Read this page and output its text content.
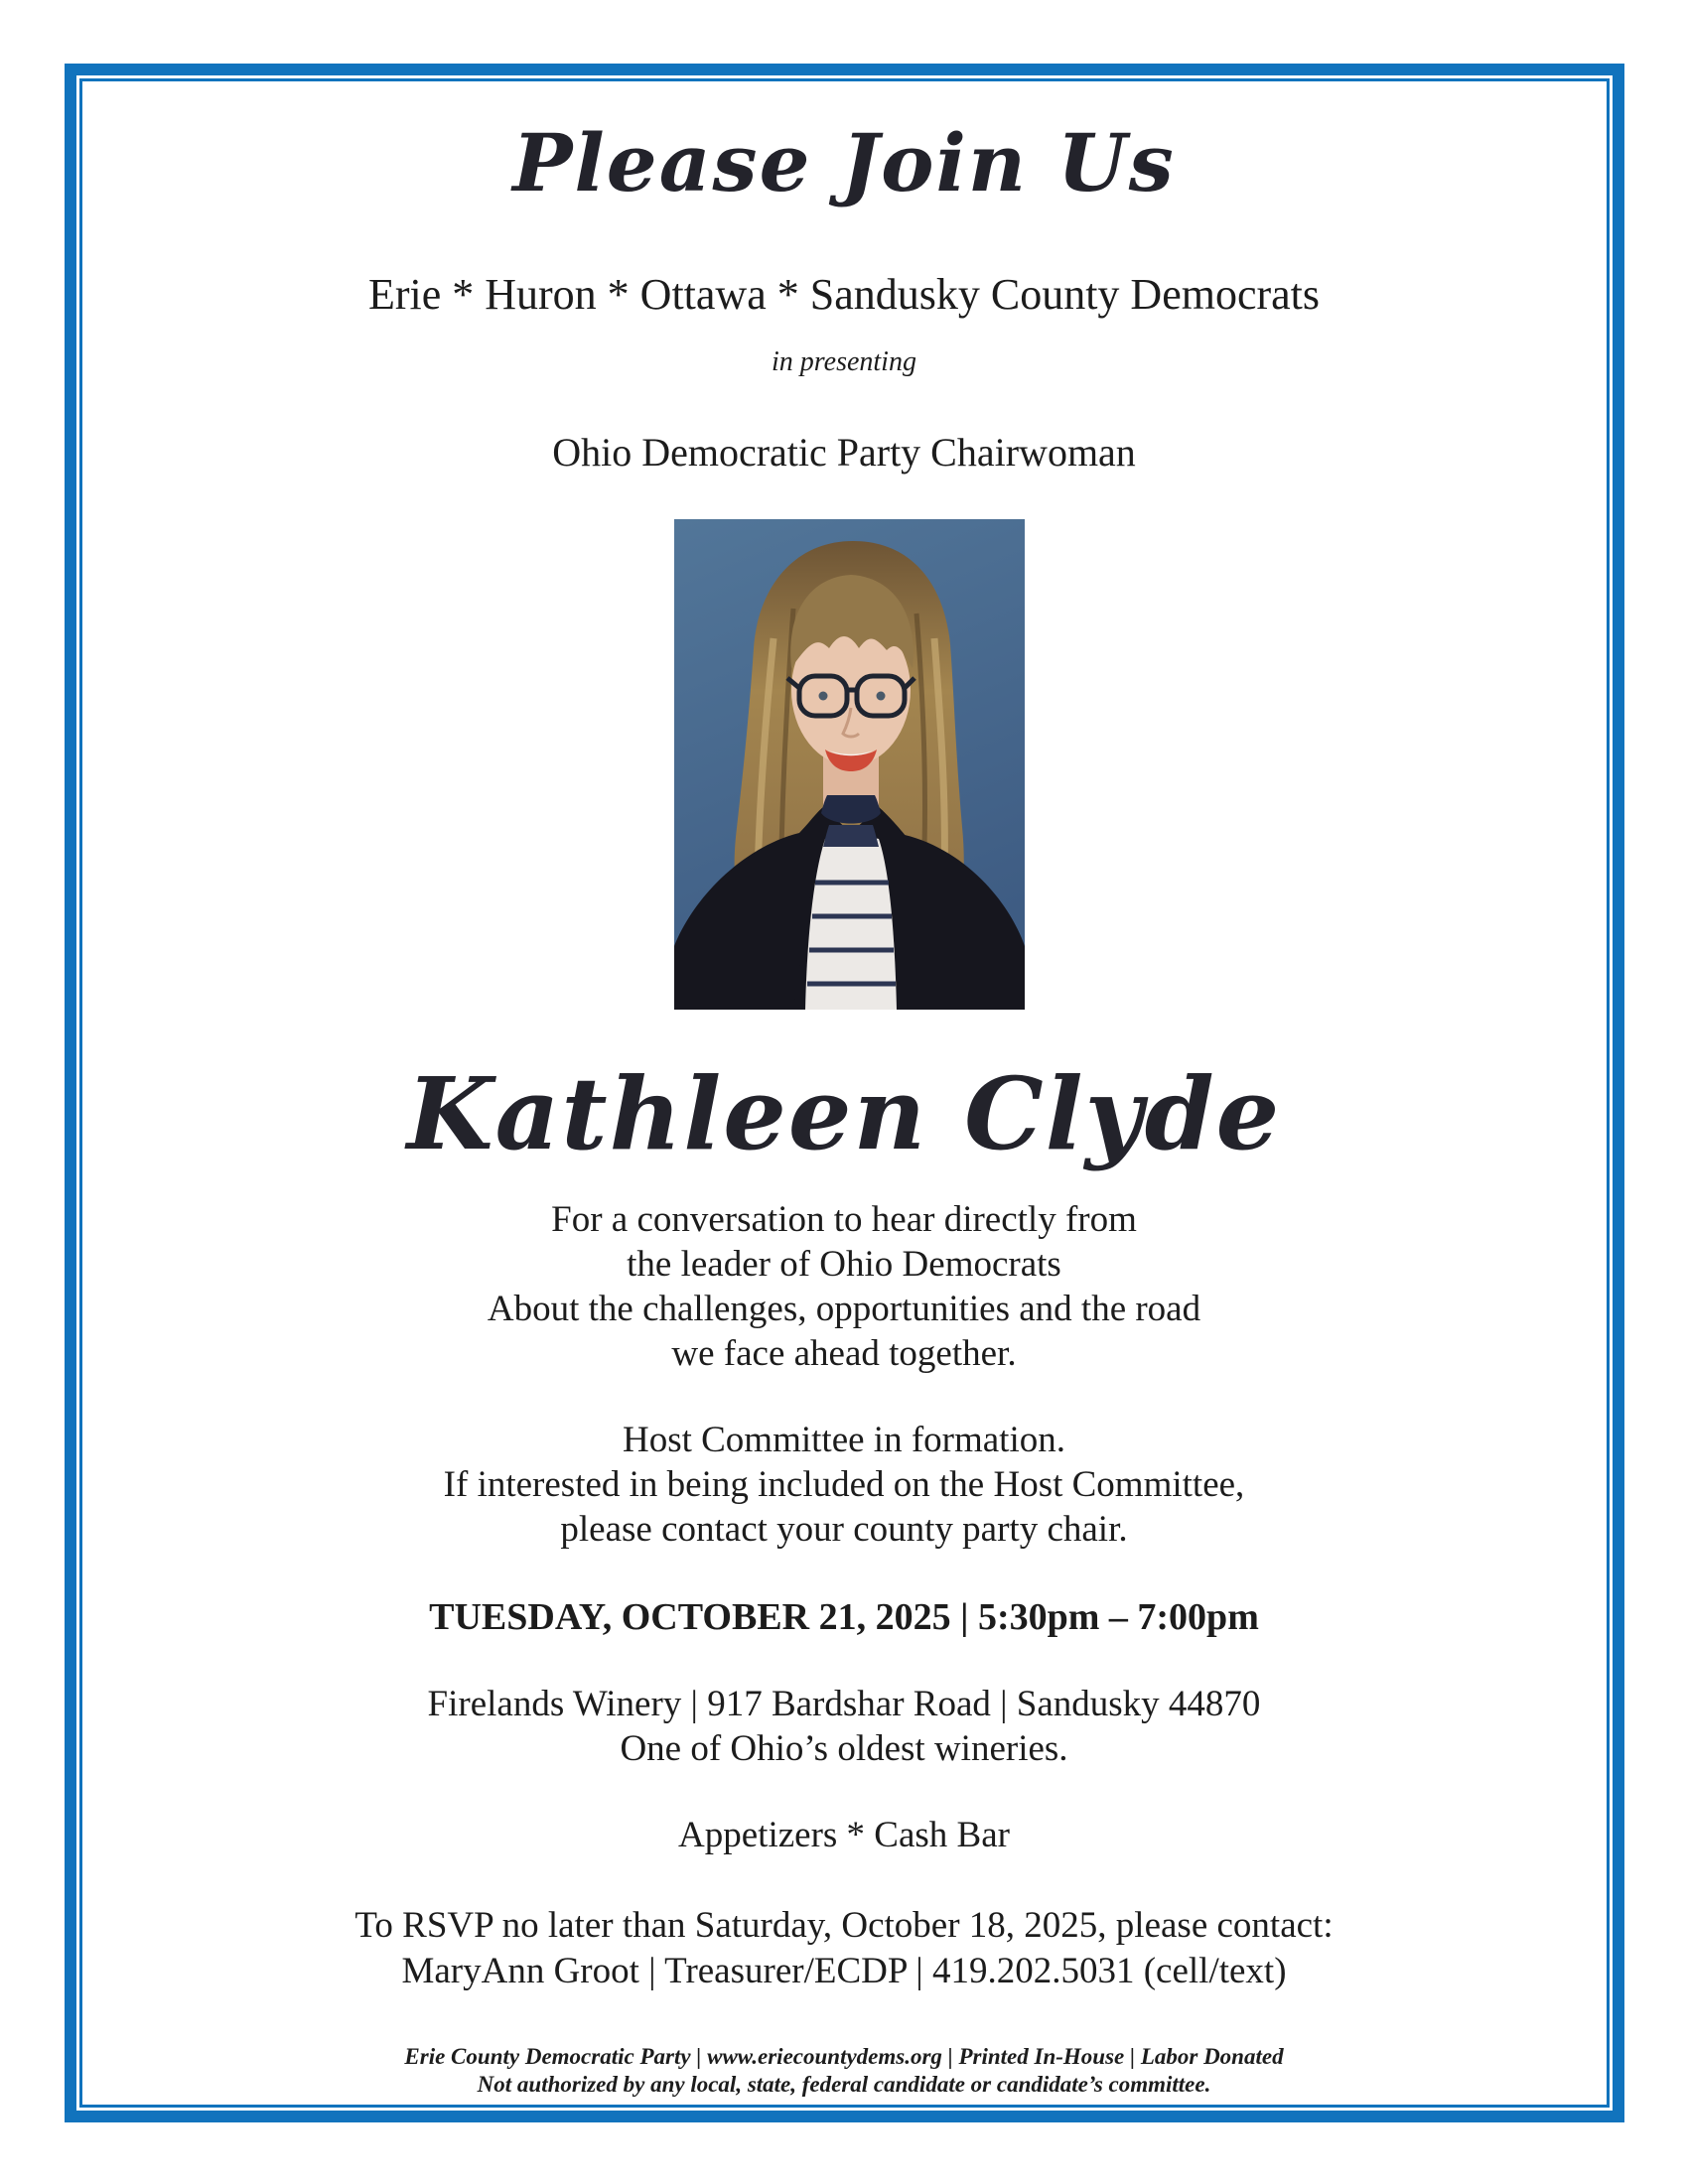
Please Join Us
Erie * Huron * Ottawa * Sandusky County Democrats
in presenting
Ohio Democratic Party Chairwoman
Kathleen Clyde
For a conversation to hear directly from
the leader of Ohio Democrats
About the challenges, opportunities and the road
we face ahead together.
Host Committee in formation.
If interested in being included on the Host Committee,
please contact your county party chair.
TUESDAY, OCTOBER 21, 2025 | 5:30pm – 7:00pm
Firelands Winery | 917 Bardshar Road | Sandusky 44870
One of Ohio’s oldest wineries.
Appetizers * Cash Bar
To RSVP no later than Saturday, October 18, 2025, please contact:
MaryAnn Groot | Treasurer/ECDP | 419.202.5031 (cell/text)
Erie County Democratic Party | www.eriecountydems.org | Printed In-House | Labor Donated
Not authorized by any local, state, federal candidate or candidate’s committee.
